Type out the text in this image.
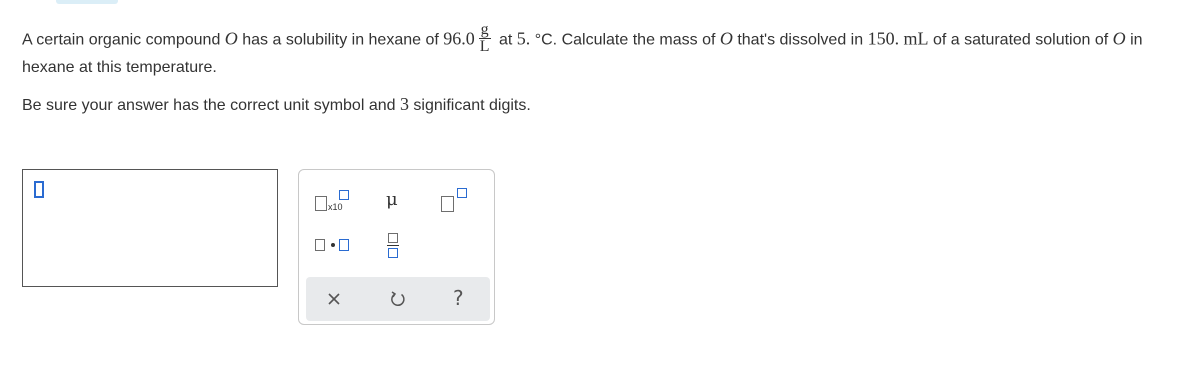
A certain organic compound O has a solubility in hexane of $96.0 \frac{g}{L}$ at 5. °C. Calculate the mass of O that's dissolved in 150. mL of a saturated solution of O in
hexane at this temperature.
Be sure your answer has the correct unit symbol and 3 significant digits.
x10 μ
?
